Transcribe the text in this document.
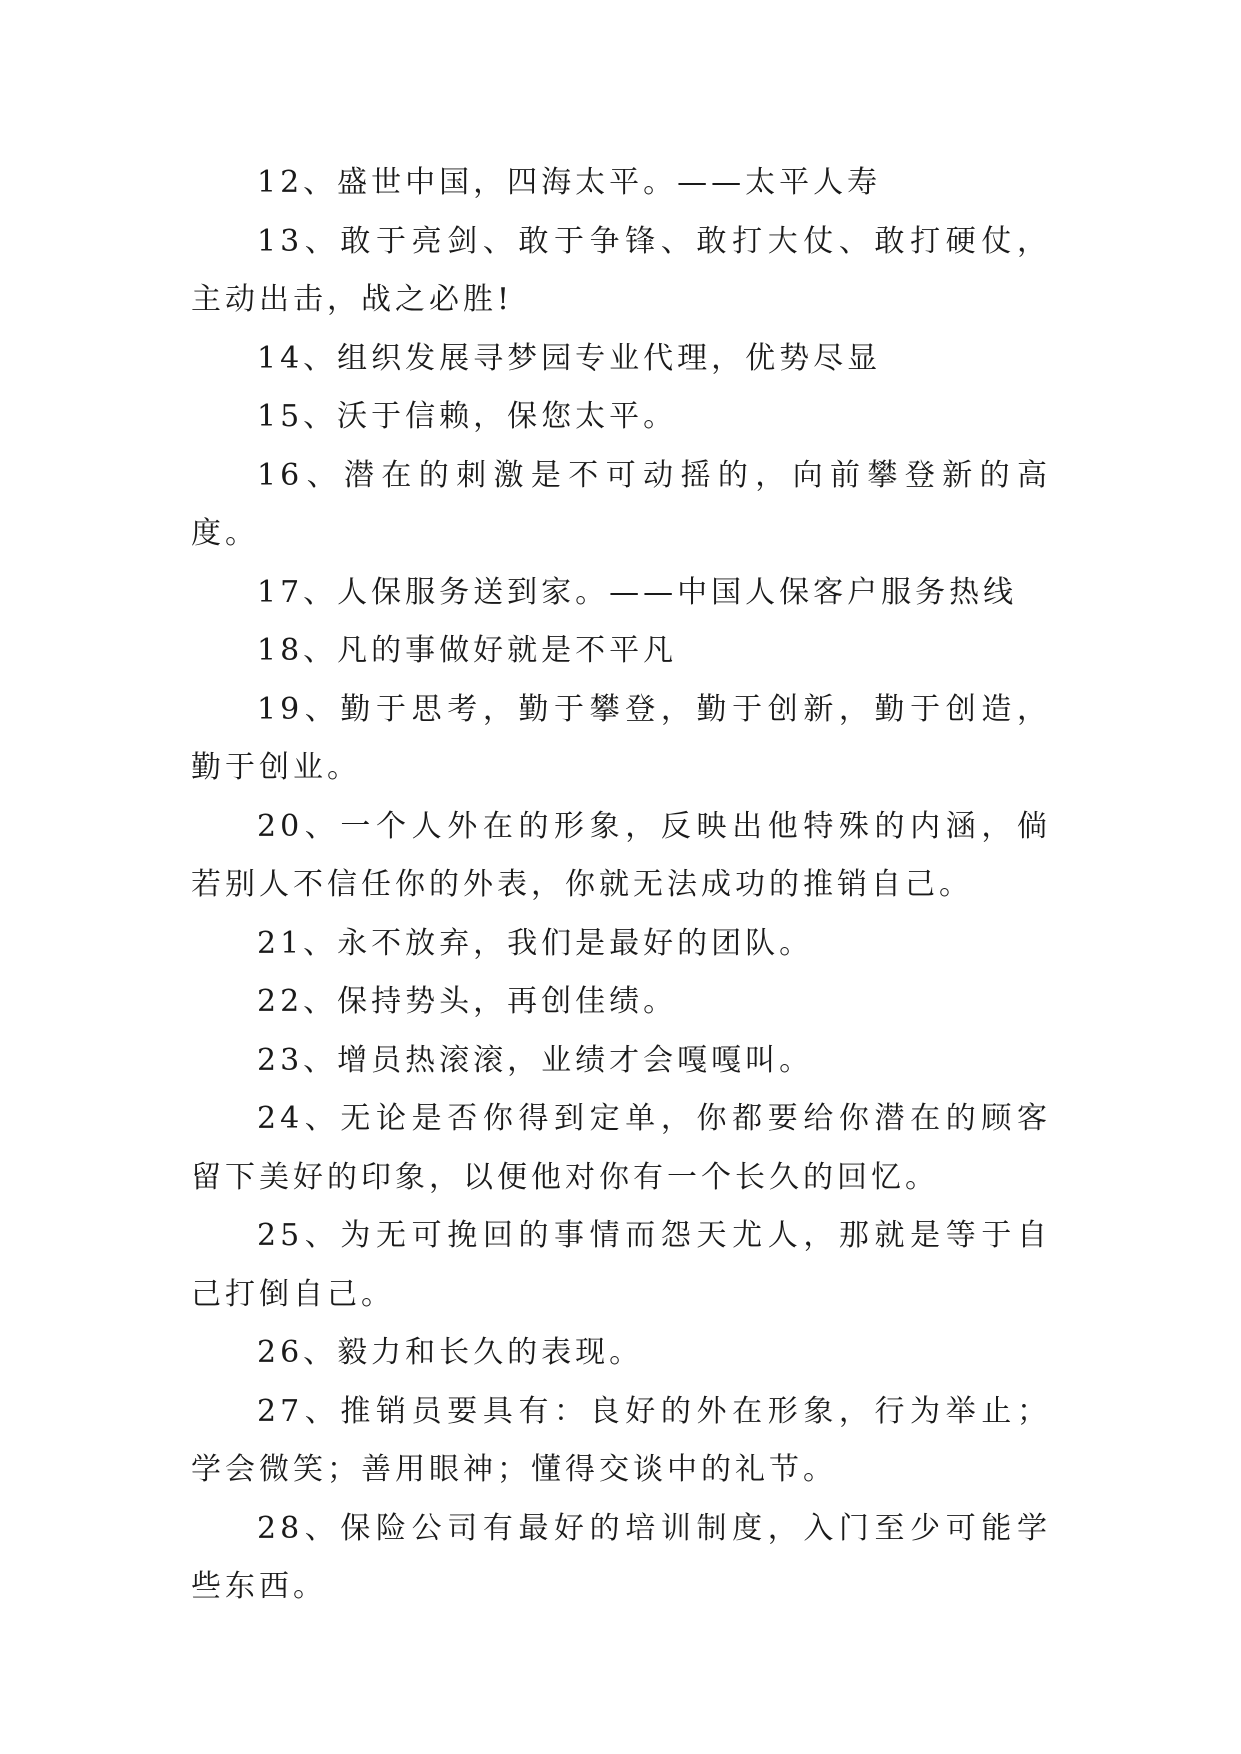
12、盛世中国，四海太平。——太平人寿

13、敢于亮剑、敢于争锋、敢打大仗、敢打硬仗，主动出击，战之必胜!

14、组织发展寻梦园专业代理，优势尽显

15、沃于信赖，保您太平。

16、潜在的刺激是不可动摇的，向前攀登新的高度。

17、人保服务送到家。——中国人保客户服务热线

18、凡的事做好就是不平凡

19、勤于思考，勤于攀登，勤于创新，勤于创造，勤于创业。

20、一个人外在的形象，反映出他特殊的内涵，倘若别人不信任你的外表，你就无法成功的推销自己。

21、永不放弃，我们是最好的团队。

22、保持势头，再创佳绩。

23、增员热滚滚，业绩才会嘎嘎叫。

24、无论是否你得到定单，你都要给你潜在的顾客留下美好的印象，以便他对你有一个长久的回忆。

25、为无可挽回的事情而怨天尤人，那就是等于自己打倒自己。

26、毅力和长久的表现。

27、推销员要具有：良好的外在形象，行为举止；学会微笑；善用眼神；懂得交谈中的礼节。

28、保险公司有最好的培训制度，入门至少可能学些东西。
